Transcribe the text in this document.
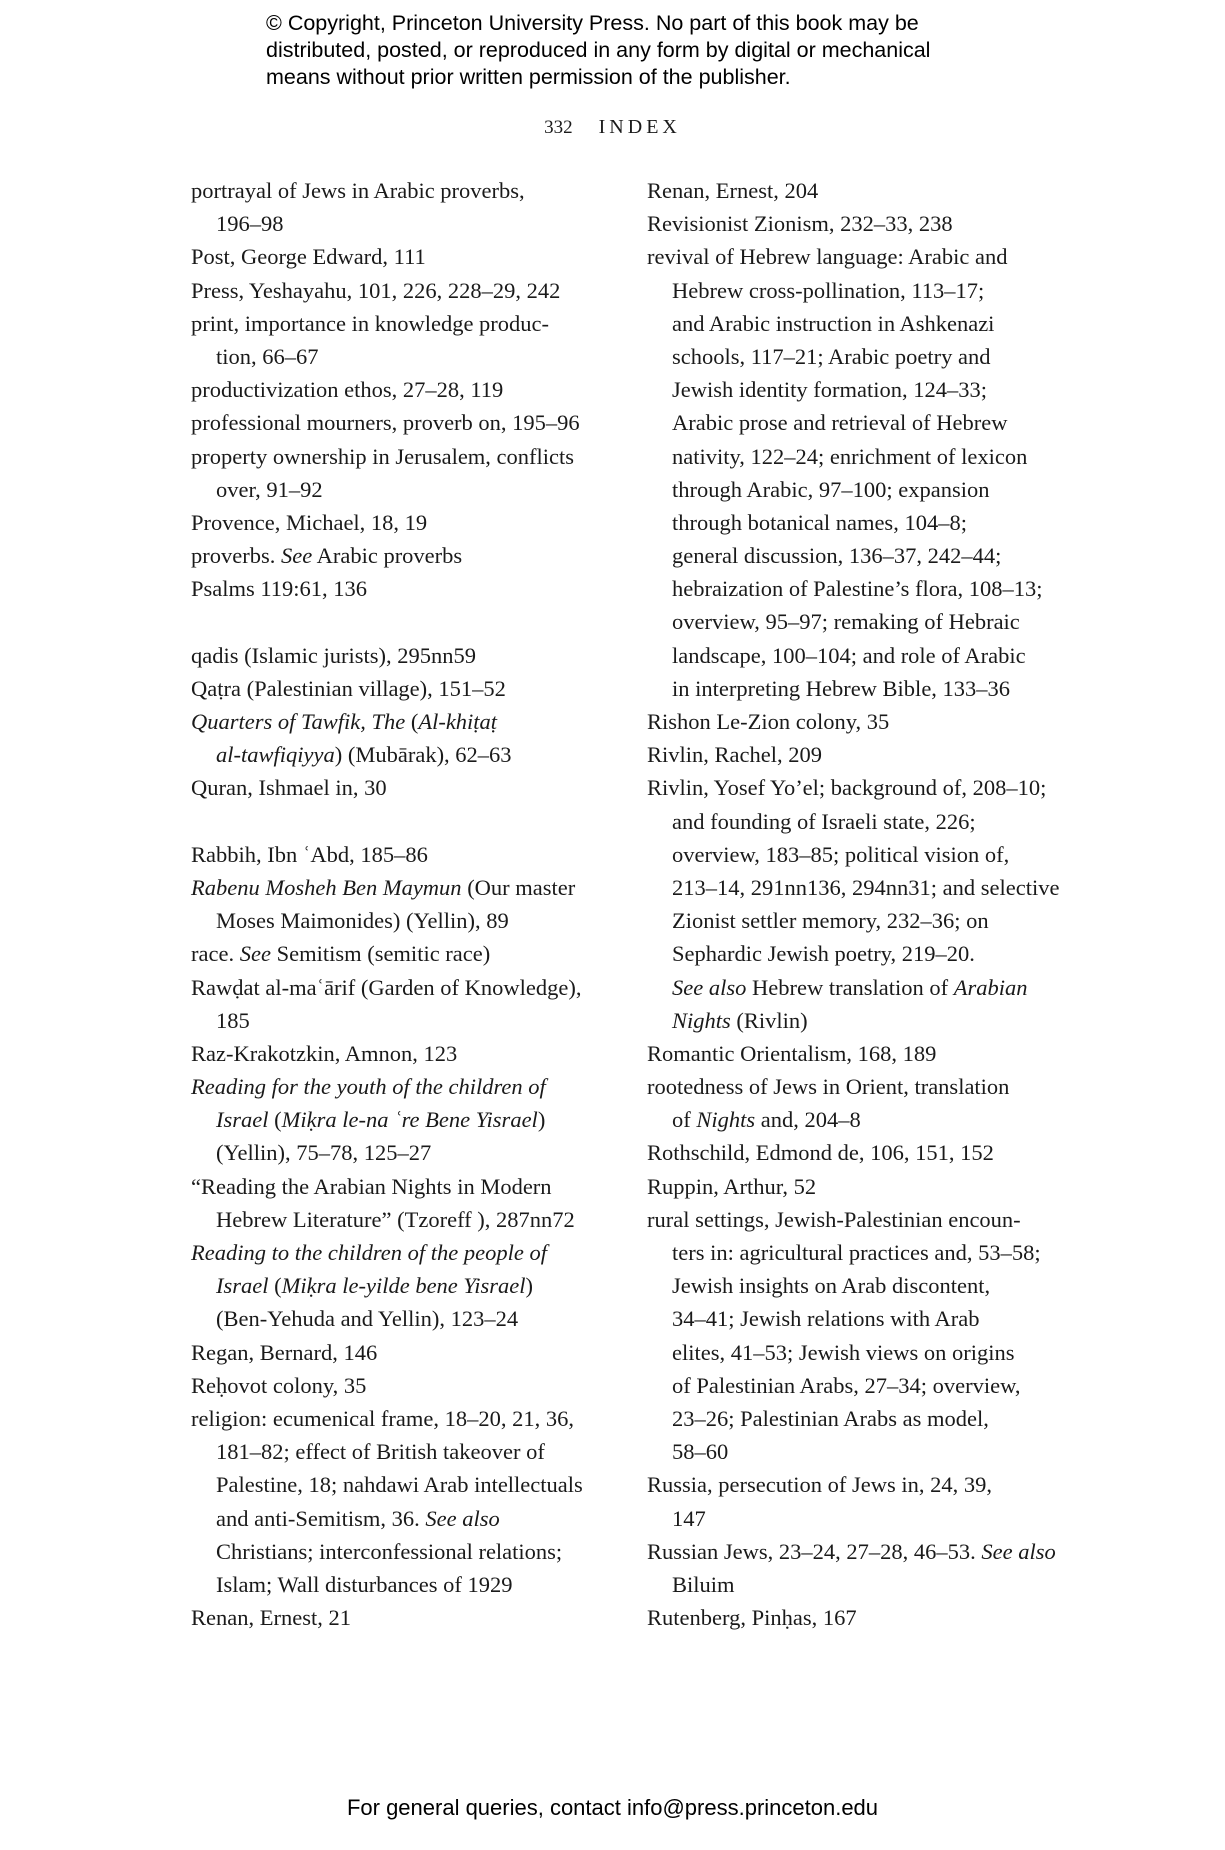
© Copyright, Princeton University Press. No part of this book may be
distributed, posted, or reproduced in any form by digital or mechanical
means without prior written permission of the publisher.
332 INDEX
portrayal of Jews in Arabic proverbs,
196–98
Post, George Edward, 111
Press, Yeshayahu, 101, 226, 228–29, 242
print, importance in knowledge produc-
tion, 66–67
productivization ethos, 27–28, 119
professional mourners, proverb on, 195–96
property ownership in Jerusalem, conflicts
over, 91–92
Provence, Michael, 18, 19
proverbs. See Arabic proverbs
Psalms 119:61, 136
qadis (Islamic jurists), 295nn59
Qaṭra (Palestinian village), 151–52
Quarters of Tawfik, The (Al-khiṭaṭ
al-tawfiqiyya) (Mubārak), 62–63
Quran, Ishmael in, 30
Rabbih, Ibn ʿAbd, 185–86
Rabenu Mosheh Ben Maymun (Our master
Moses Maimonides) (Yellin), 89
race. See Semitism (semitic race)
Rawḍat al-maʿārif (Garden of Knowledge),
185
Raz-Krakotzkin, Amnon, 123
Reading for the youth of the children of
Israel (Miḳra le-na ʿre Bene Yisrael)
(Yellin), 75–78, 125–27
“Reading the Arabian Nights in Modern
Hebrew Literature” (Tzoreff ), 287nn72
Reading to the children of the people of
Israel (Miḳra le-yilde bene Yisrael)
(Ben-Yehuda and Yellin), 123–24
Regan, Bernard, 146
Reḥovot colony, 35
religion: ecumenical frame, 18–20, 21, 36,
181–82; effect of British takeover of
Palestine, 18; nahdawi Arab intellectuals
and anti-Semitism, 36. See also
Christians; interconfessional relations;
Islam; Wall disturbances of 1929
Renan, Ernest, 21
Renan, Ernest, 204
Revisionist Zionism, 232–33, 238
revival of Hebrew language: Arabic and
Hebrew cross-pollination, 113–17;
and Arabic instruction in Ashkenazi
schools, 117–21; Arabic poetry and
Jewish identity formation, 124–33;
Arabic prose and retrieval of Hebrew
nativity, 122–24; enrichment of lexicon
through Arabic, 97–100; expansion
through botanical names, 104–8;
general discussion, 136–37, 242–44;
hebraization of Palestine’s flora, 108–13;
overview, 95–97; remaking of Hebraic
landscape, 100–104; and role of Arabic
in interpreting Hebrew Bible, 133–36
Rishon Le-Zion colony, 35
Rivlin, Rachel, 209
Rivlin, Yosef Yo’el; background of, 208–10;
and founding of Israeli state, 226;
overview, 183–85; political vision of,
213–14, 291nn136, 294nn31; and selective
Zionist settler memory, 232–36; on
Sephardic Jewish poetry, 219–20.
See also Hebrew translation of Arabian
Nights (Rivlin)
Romantic Orientalism, 168, 189
rootedness of Jews in Orient, translation
of Nights and, 204–8
Rothschild, Edmond de, 106, 151, 152
Ruppin, Arthur, 52
rural settings, Jewish-Palestinian encoun-
ters in: agricultural practices and, 53–58;
Jewish insights on Arab discontent,
34–41; Jewish relations with Arab
elites, 41–53; Jewish views on origins
of Palestinian Arabs, 27–34; overview,
23–26; Palestinian Arabs as model,
58–60
Russia, persecution of Jews in, 24, 39,
147
Russian Jews, 23–24, 27–28, 46–53. See also
Biluim
Rutenberg, Pinḥas, 167
For general queries, contact info@press.princeton.edu
